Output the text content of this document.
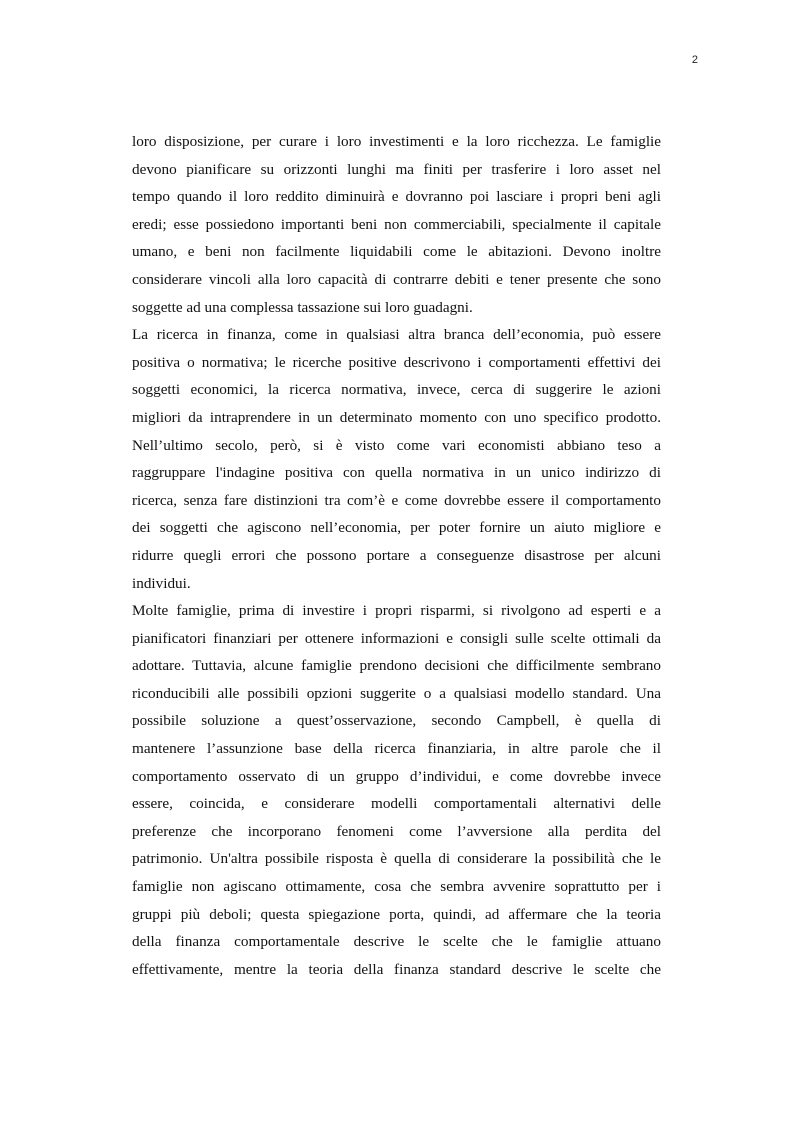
2
loro disposizione, per curare i loro investimenti e la loro ricchezza. Le famiglie
devono pianificare su orizzonti lunghi ma finiti per trasferire i loro asset nel
tempo quando il loro reddito diminuirà e dovranno poi lasciare i propri beni agli
eredi; esse possiedono importanti beni non commerciabili, specialmente il capitale
umano, e beni non facilmente liquidabili come le abitazioni. Devono inoltre
considerare vincoli alla loro capacità di contrarre debiti e tener presente che sono
soggette ad una complessa tassazione sui loro guadagni.
La ricerca in finanza, come in qualsiasi altra branca dell’economia, può essere
positiva o normativa; le ricerche positive descrivono i comportamenti effettivi dei
soggetti economici, la ricerca normativa, invece, cerca di suggerire le azioni
migliori da intraprendere in un determinato momento con uno specifico prodotto.
Nell’ultimo secolo, però, si è visto come vari economisti abbiano teso a
raggruppare l'indagine positiva con quella normativa in un unico indirizzo di
ricerca, senza fare distinzioni tra com’è e come dovrebbe essere il comportamento
dei soggetti che agiscono nell’economia, per poter fornire un aiuto migliore e
ridurre quegli errori che possono portare a conseguenze disastrose per alcuni
individui.
Molte famiglie, prima di investire i propri risparmi, si rivolgono ad esperti e a
pianificatori finanziari per ottenere informazioni e consigli sulle scelte ottimali da
adottare. Tuttavia, alcune famiglie prendono decisioni che difficilmente sembrano
riconducibili alle possibili opzioni suggerite o a qualsiasi modello standard. Una
possibile soluzione a quest’osservazione, secondo Campbell, è quella di
mantenere l’assunzione base della ricerca finanziaria, in altre parole che il
comportamento osservato di un gruppo d’individui, e come dovrebbe invece
essere, coincida, e considerare modelli comportamentali alternativi delle
preferenze che incorporano fenomeni come l’avversione alla perdita del
patrimonio. Un'altra possibile risposta è quella di considerare la possibilità che le
famiglie non agiscano ottimamente, cosa che sembra avvenire soprattutto per i
gruppi più deboli; questa spiegazione porta, quindi, ad affermare che la teoria
della finanza comportamentale descrive le scelte che le famiglie attuano
effettivamente, mentre la teoria della finanza standard descrive le scelte che
